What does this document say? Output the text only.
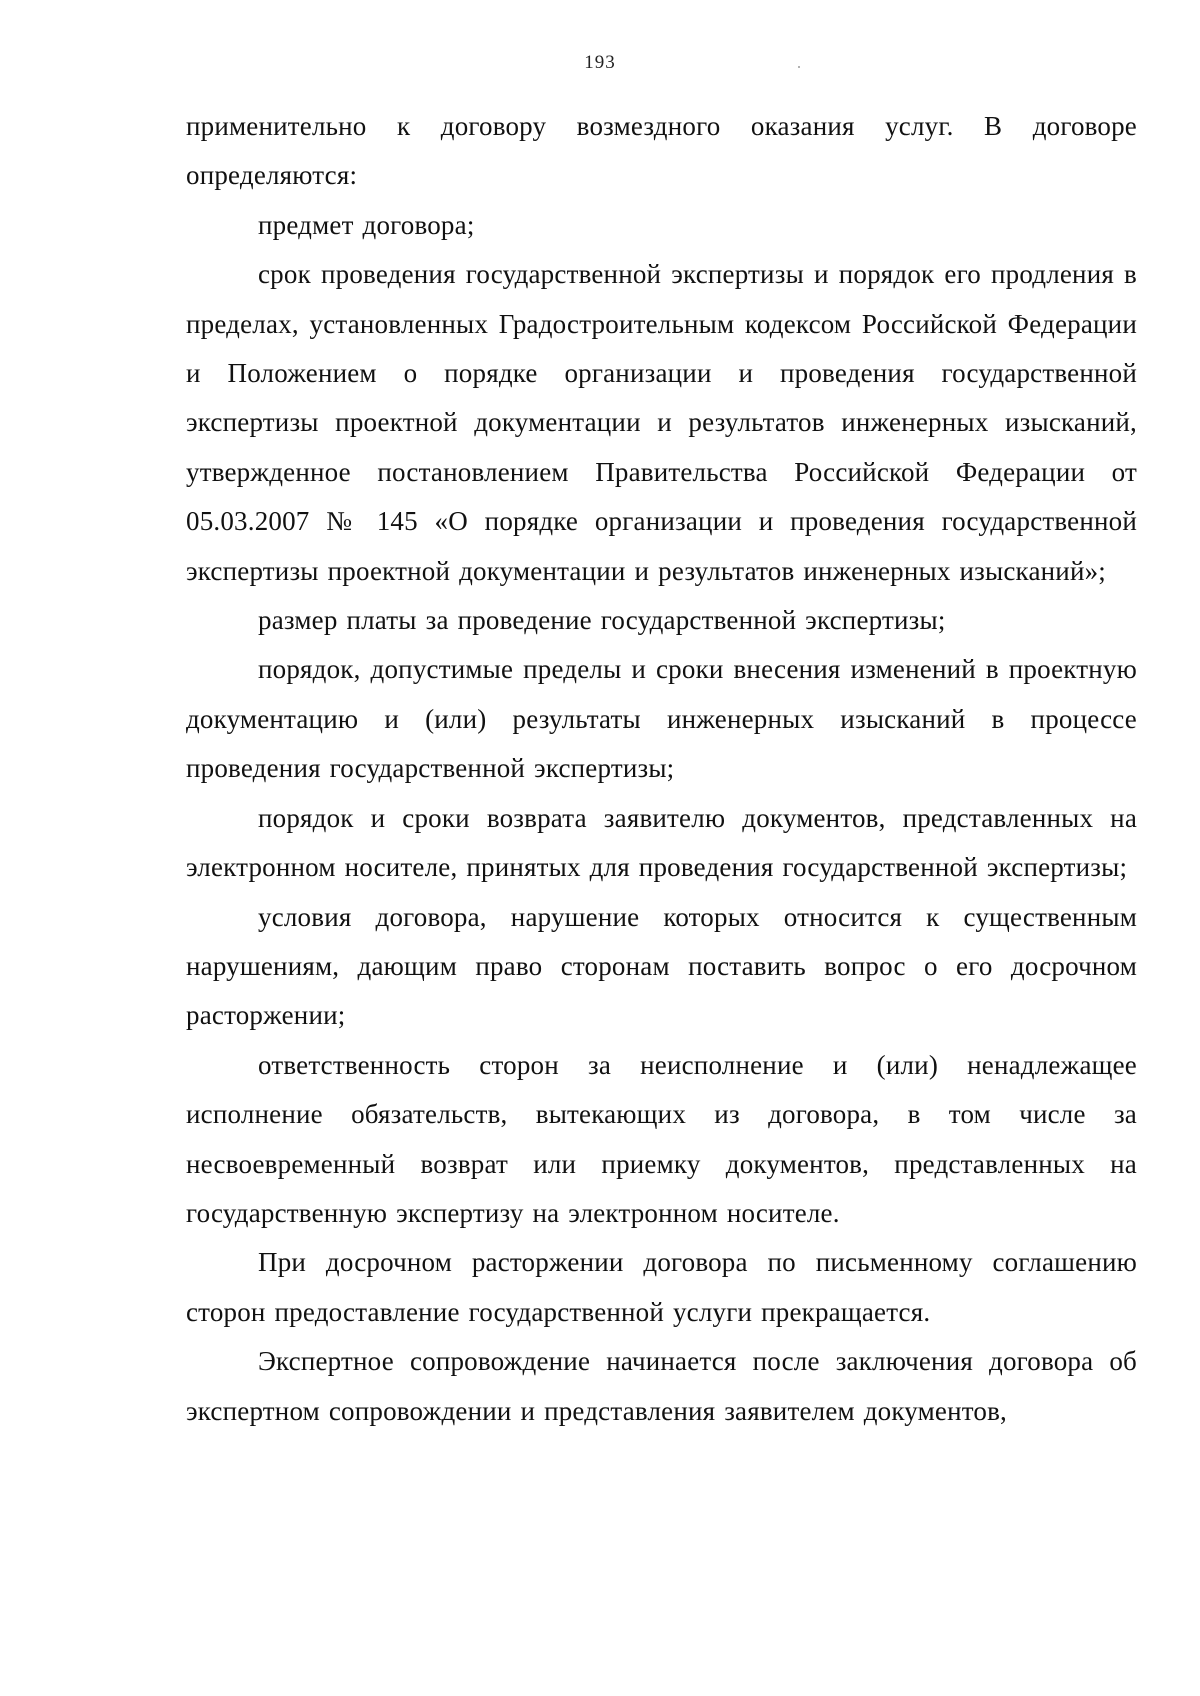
193

применительно к договору возмездного оказания услуг. В договоре определяются:

предмет договора;

срок проведения государственной экспертизы и порядок его продления в пределах, установленных Градостроительным кодексом Российской Федерации и Положением о порядке организации и проведения государственной экспертизы проектной документации и результатов инженерных изысканий, утвержденное постановлением Правительства Российской Федерации от 05.03.2007 № 145 «О порядке организации и проведения государственной экспертизы проектной документации и результатов инженерных изысканий»;

размер платы за проведение государственной экспертизы;

порядок, допустимые пределы и сроки внесения изменений в проектную документацию и (или) результаты инженерных изысканий в процессе проведения государственной экспертизы;

порядок и сроки возврата заявителю документов, представленных на электронном носителе, принятых для проведения государственной экспертизы;

условия договора, нарушение которых относится к существенным нарушениям, дающим право сторонам поставить вопрос о его досрочном расторжении;

ответственность сторон за неисполнение и (или) ненадлежащее исполнение обязательств, вытекающих из договора, в том числе за несвоевременный возврат или приемку документов, представленных на государственную экспертизу на электронном носителе.

При досрочном расторжении договора по письменному соглашению сторон предоставление государственной услуги прекращается.

Экспертное сопровождение начинается после заключения договора об экспертном сопровождении и представления заявителем документов,
